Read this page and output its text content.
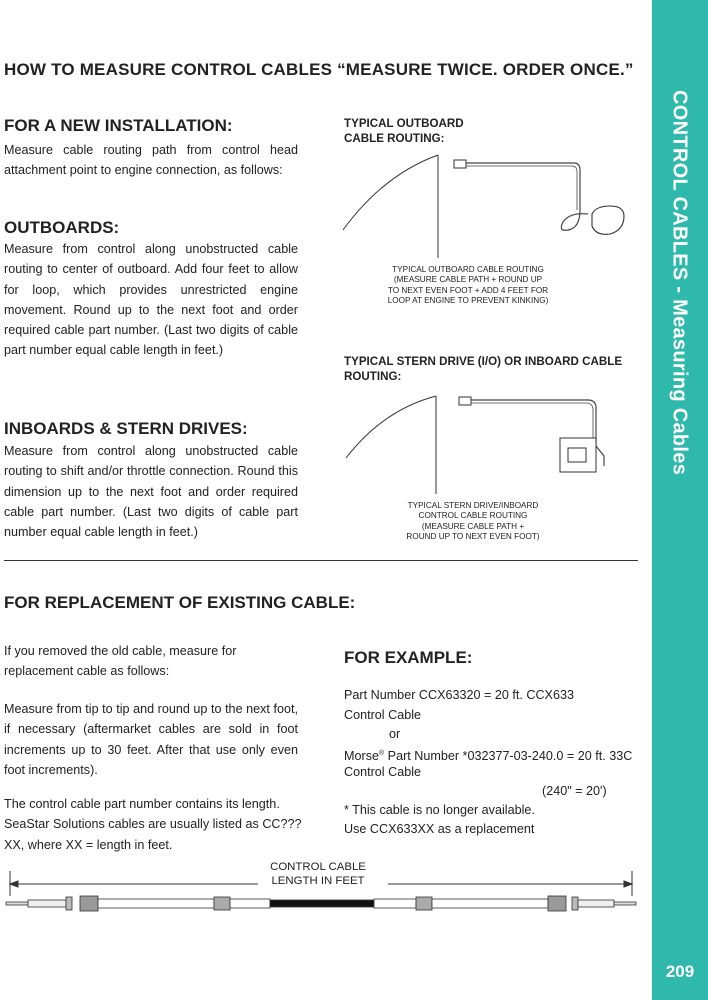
CONTROL CABLES - Measuring Cables
209
HOW TO MEASURE CONTROL CABLES “MEASURE TWICE. ORDER ONCE.”
FOR A NEW INSTALLATION:
Measure cable routing path from control head attachment point to engine connection, as follows:
OUTBOARDS:
Measure from control along unobstructed cable routing to center of outboard. Add four feet to allow for loop, which provides unrestricted engine movement. Round up to the next foot and order required cable part number. (Last two digits of cable part number equal cable length in feet.)
INBOARDS & STERN DRIVES:
Measure from control along unobstructed cable routing to shift and/or throttle connection. Round this dimension up to the next foot and order required cable part number. (Last two digits of cable part number equal cable length in feet.)
TYPICAL OUTBOARD
CABLE ROUTING:
TYPICAL OUTBOARD CABLE ROUTING
(MEASURE CABLE PATH + ROUND UP
TO NEXT EVEN FOOT + ADD 4 FEET FOR
LOOP AT ENGINE TO PREVENT KINKING)
TYPICAL STERN DRIVE (I/O) OR INBOARD CABLE
ROUTING:
TYPICAL STERN DRIVE/INBOARD
CONTROL CABLE ROUTING
(MEASURE CABLE PATH +
ROUND UP TO NEXT EVEN FOOT)
FOR REPLACEMENT OF EXISTING CABLE:
If you removed the old cable, measure for replacement cable as follows:
Measure from tip to tip and round up to the next foot, if necessary (aftermarket cables are sold in foot increments up to 30 feet. After that use only even foot increments).
The control cable part number contains its length. SeaStar Solutions cables are usually listed as CC???XX, where XX = length in feet.
FOR EXAMPLE:
Part Number CCX63320 = 20 ft. CCX633
Control Cable
or
Morse® Part Number *032377-03-240.0 = 20 ft. 33C
Control Cable
(240" = 20')
* This cable is no longer available.
Use CCX633XX as a replacement
CONTROL CABLE
LENGTH IN FEET
